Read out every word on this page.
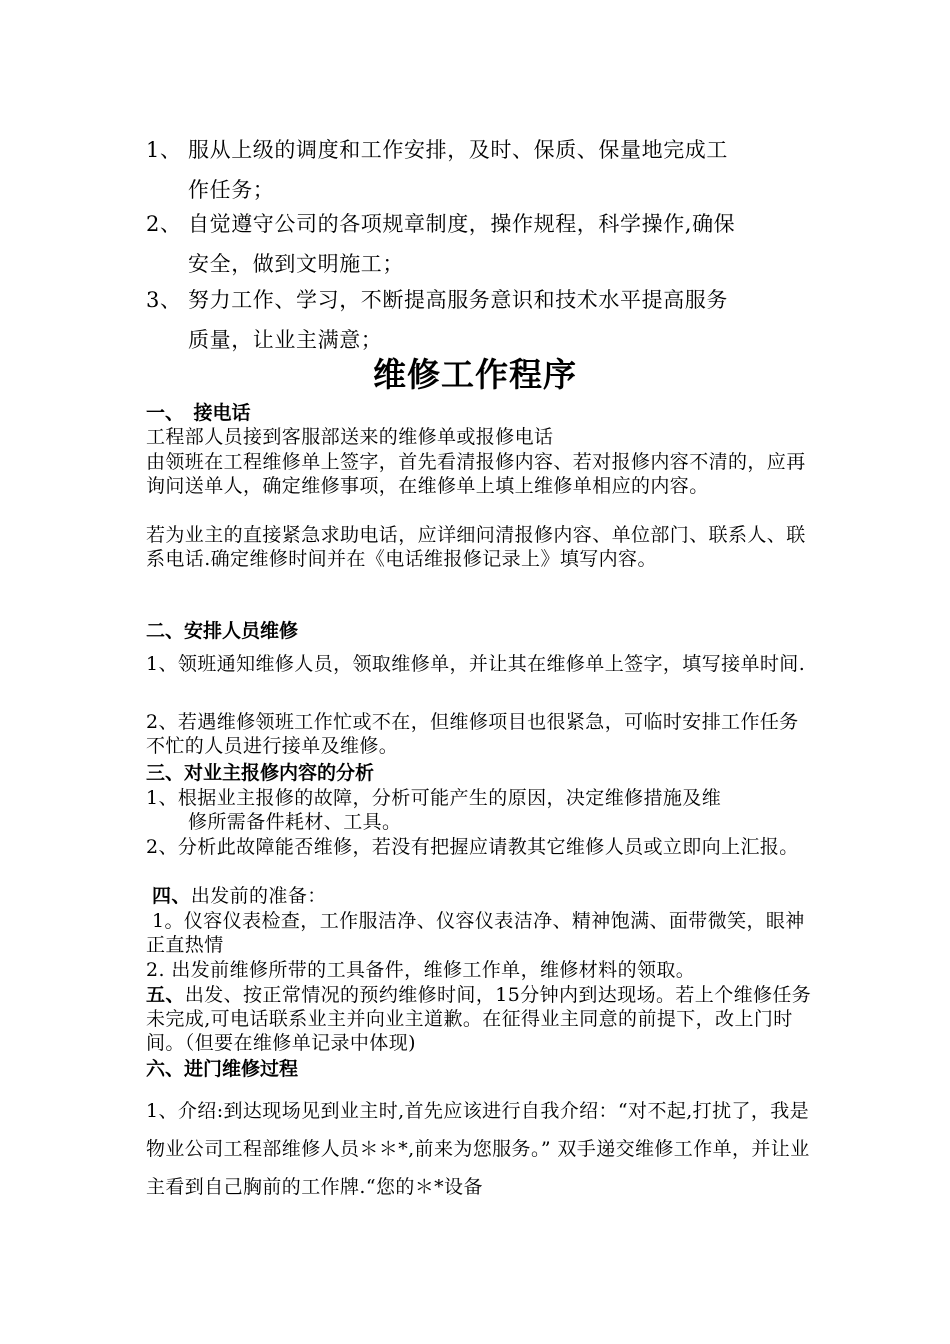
1、 服从上级的调度和工作安排，及时、保质、保量地完成工
作任务；
2、 自觉遵守公司的各项规章制度，操作规程，科学操作,确保
安全，做到文明施工；
3、 努力工作、学习，不断提高服务意识和技术水平提高服务
质量，让业主满意；
维修工作程序
一、　接电话
工程部人员接到客服部送来的维修单或报修电话
由领班在工程维修单上签字，首先看清报修内容、若对报修内容不清的，应再询问送单人，确定维修事项，在维修单上填上维修单相应的内容。
若为业主的直接紧急求助电话，应详细问清报修内容、单位部门、联系人、联系电话.确定维修时间并在《电话维报修记录上》填写内容。
二、安排人员维修
1、领班通知维修人员，领取维修单，并让其在维修单上签字，填写接单时间.
2、若遇维修领班工作忙或不在，但维修项目也很紧急，可临时安排工作任务不忙的人员进行接单及维修。
三、对业主报修内容的分析
1、根据业主报修的故障，分析可能产生的原因，决定维修措施及维
修所需备件耗材、工具。
2、分析此故障能否维修，若没有把握应请教其它维修人员或立即向上汇报。
四、出发前的准备：
1。仪容仪表检查，工作服洁净、仪容仪表洁净、精神饱满、面带微笑，眼神正直热情
2. 出发前维修所带的工具备件，维修工作单，维修材料的领取。
五、出发、按正常情况的预约维修时间，15分钟内到达现场。若上个维修任务未完成,可电话联系业主并向业主道歉。在征得业主同意的前提下，改上门时间。（但要在维修单记录中体现)
六、进门维修过程
1、介绍:到达现场见到业主时,首先应该进行自我介绍：“对不起,打扰了，我是物业公司工程部维修人员＊＊*,前来为您服务。” 双手递交维修工作单，并让业主看到自己胸前的工作牌.“您的＊*设备
